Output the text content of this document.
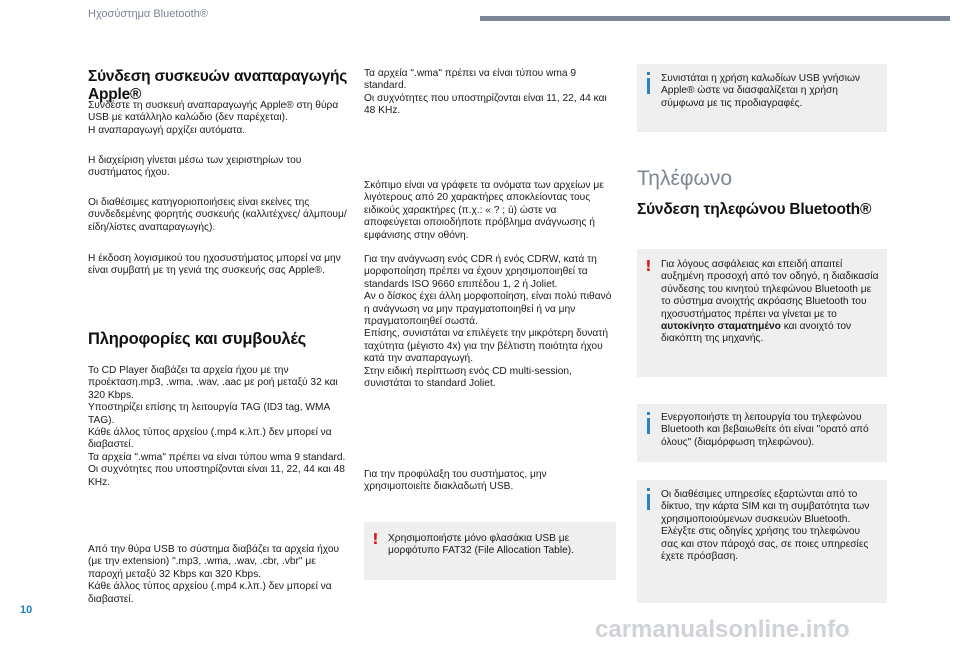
Ηχοσύστημα Bluetooth®
Σύνδεση συσκευών αναπαραγωγής Apple®

Συνδέστε τη συσκευή αναπαραγωγής Apple® στη θύρα USB με κατάλληλο καλώδιο (δεν παρέχεται).
Η αναπαραγωγή αρχίζει αυτόματα.

Η διαχείριση γίνεται μέσω των χειριστηρίων του συστήματος ήχου.

Οι διαθέσιμες κατηγοριοποιήσεις είναι εκείνες της συνδεδεμένης φορητής συσκευής (καλλιτέχνες/ άλμπουμ/είδη/λίστες αναπαραγωγής).

Η έκδοση λογισμικού του ηχοσυστήματος μπορεί να μην είναι συμβατή με τη γενιά της συσκευής σας Apple®.

Πληροφορίες και συμβουλές

Το CD Player διαβάζει τα αρχεία ήχου με την προέκταση.mp3, .wma, .wav, .aac με ροή μεταξύ 32 και 320 Kbps.
Υποστηρίζει επίσης τη λειτουργία TAG (ID3 tag, WMA TAG).
Κάθε άλλος τύπος αρχείου (.mp4 κ.λπ.) δεν μπορεί να διαβαστεί.
Τα αρχεία ".wma" πρέπει να είναι τύπου wma 9 standard.
Οι συχνότητες που υποστηρίζονται είναι 11, 22, 44 και 48 KHz.

Από την θύρα USB το σύστημα διαβάζει τα αρχεία ήχου (με την extension) ".mp3, .wma, .wav, .cbr, .vbr" με παροχή μεταξύ 32 Kbps και 320 Kbps.
Κάθε άλλος τύπος αρχείου (.mp4 κ.λπ.) δεν μπορεί να διαβαστεί.

Τα αρχεία ".wma" πρέπει να είναι τύπου wma 9 standard.
Οι συχνότητες που υποστηρίζονται είναι 11, 22, 44 και 48 KHz.

Σκόπιμο είναι να γράφετε τα ονόματα των αρχείων με λιγότερους από 20 χαρακτήρες αποκλείοντας τους ειδικούς χαρακτήρες (π.χ.: « ? ; ù) ώστε να αποφεύγεται οποιοδήποτε πρόβλημα ανάγνωσης ή εμφάνισης στην οθόνη.

Για την ανάγνωση ενός CDR ή ενός CDRW, κατά τη μορφοποίηση πρέπει να έχουν χρησιμοποιηθεί τα standards ISO 9660 επιπέδου 1, 2 ή Joliet.
Αν ο δίσκος έχει άλλη μορφοποίηση, είναι πολύ πιθανό η ανάγνωση να μην πραγματοποιηθεί ή να μην πραγματοποιηθεί σωστά.
Επίσης, συνιστάται να επιλέγετε την μικρότερη δυνατή ταχύτητα (μέγιστο 4x) για την βέλτιστη ποιότητα ήχου κατά την αναπαραγωγή.
Στην ειδική περίπτωση ενός CD multi-session, συνιστάται το standard Joliet.

Για την προφύλαξη του συστήματος, μην χρησιμοποιείτε διακλαδωτή USB.

! Χρησιμοποιήστε μόνο φλασάκια USB με μορφότυπο FAT32 (File Allocation Table).

Συνιστάται η χρήση καλωδίων USB γνήσιων Apple® ώστε να διασφαλίζεται η χρήση σύμφωνα με τις προδιαγραφές.

Τηλέφωνο
Σύνδεση τηλεφώνου Bluetooth®
! Για λόγους ασφάλειας και επειδή απαιτεί αυξημένη προσοχή από τον οδηγό, η διαδικασία σύνδεσης του κινητού τηλεφώνου Bluetooth με το σύστημα ανοιχτής ακρόασης Bluetooth του ηχοσυστήματος πρέπει να γίνεται με το αυτοκίνητο σταματημένο και ανοιχτό τον διακόπτη της μηχανής.

Ενεργοποιήστε τη λειτουργία του τηλεφώνου Bluetooth και βεβαιωθείτε ότι είναι "ορατό από όλους" (διαμόρφωση τηλεφώνου).

Οι διαθέσιμες υπηρεσίες εξαρτώνται από το δίκτυο, την κάρτα SIM και τη συμβατότητα των χρησιμοποιούμενων συσκευών Bluetooth.
Ελέγξτε στις οδηγίες χρήσης του τηλεφώνου σας και στον πάροχό σας, σε ποιες υπηρεσίες έχετε πρόσβαση.

10
carmanualsonline.info
